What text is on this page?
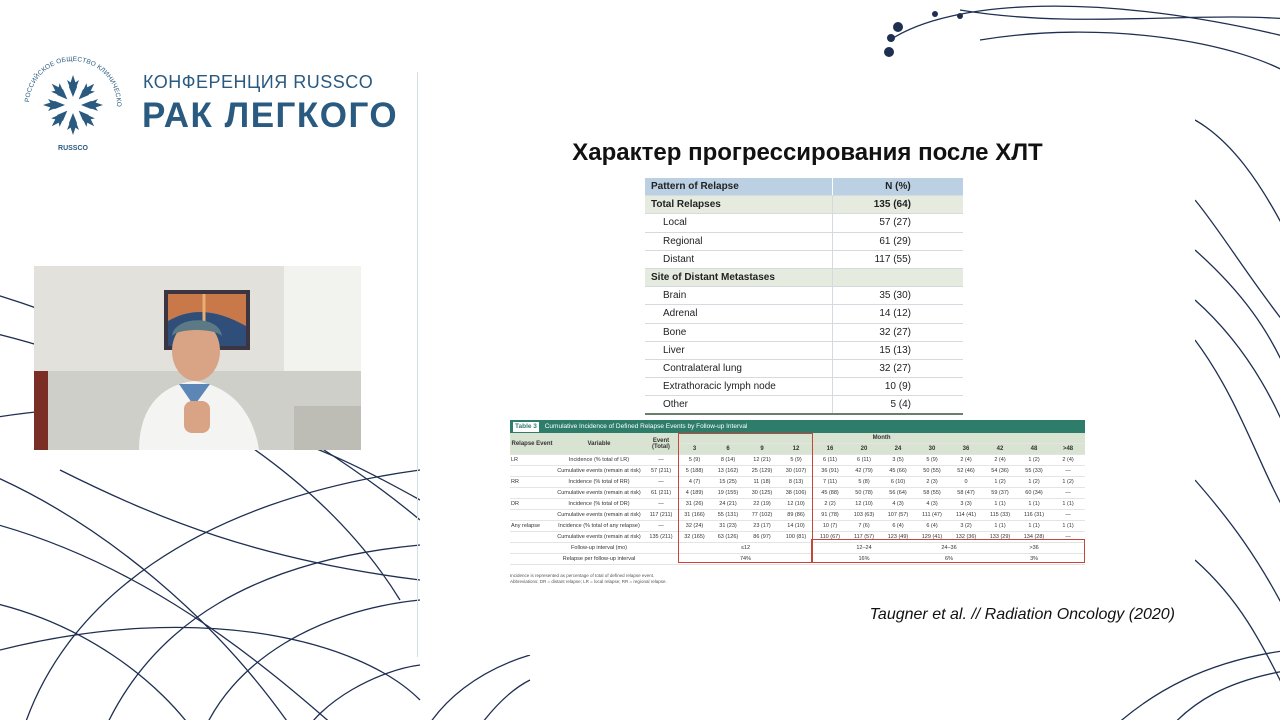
РОССИЙСКОЕ ОБЩЕСТВО КЛИНИЧЕСКО
RUSSCO
КОНФЕРЕНЦИЯ RUSSCO
РАК ЛЕГКОГО
Характер прогрессирования после ХЛТ
Pattern of Relapse	N (%)
Total Relapses	135 (64)
Local	57 (27)
Regional	61 (29)
Distant	117 (55)
Site of Distant Metastases	
Brain	35 (30)
Adrenal	14 (12)
Bone	32 (27)
Liver	15 (13)
Contralateral lung	32 (27)
Extrathoracic lymph node	10 (9)
Other	5 (4)
Table 3 Cumulative Incidence of Defined Relapse Events by Follow-up Interval
Relapse Event	Variable	Event (Total)	Month											
			3	6	9	12	16	20	24	30	36	42	48	>48
LR	Incidence (% total of LR)	—	5 (9)	8 (14)	12 (21)	5 (9)	6 (11)	6 (11)	3 (5)	5 (9)	2 (4)	2 (4)	1 (2)	2 (4)
	Cumulative events (remain at risk)	57 (211)	5 (188)	13 (162)	25 (129)	30 (107)	36 (91)	42 (79)	45 (66)	50 (55)	52 (46)	54 (36)	55 (33)	—
RR	Incidence (% total of RR)	—	4 (7)	15 (25)	11 (18)	8 (13)	7 (11)	5 (8)	6 (10)	2 (3)	0	1 (2)	1 (2)	1 (2)
	Cumulative events (remain at risk)	61 (211)	4 (189)	19 (155)	30 (125)	38 (106)	45 (88)	50 (78)	56 (64)	58 (55)	58 (47)	59 (37)	60 (34)	—
DR	Incidence (% total of DR)	—	31 (26)	24 (21)	22 (19)	12 (10)	2 (2)	12 (10)	4 (3)	4 (3)	3 (3)	1 (1)	1 (1)	1 (1)
	Cumulative events (remain at risk)	117 (211)	31 (166)	55 (131)	77 (102)	89 (86)	91 (78)	103 (63)	107 (57)	111 (47)	114 (41)	115 (33)	116 (31)	—
Any relapse	Incidence (% total of any relapse)	—	32 (24)	31 (23)	23 (17)	14 (10)	10 (7)	7 (6)	6 (4)	6 (4)	3 (2)	1 (1)	1 (1)	1 (1)
	Cumulative events (remain at risk)	135 (211)	32 (165)	63 (126)	86 (97)	100 (81)	110 (67)	117 (57)	123 (49)	129 (41)	132 (36)	133 (29)	134 (28)	—
	Follow-up interval (mo)		≤12				12–24			24–36		>36		
	Relapse per follow-up interval		74%				16%			6%		3%		
Incidence is represented as percentage of total of defined relapse event.
Abbreviations: DR = distant relapse; LR = local relapse; RR = regional relapse.
Taugner et al. // Radiation Oncology (2020)
